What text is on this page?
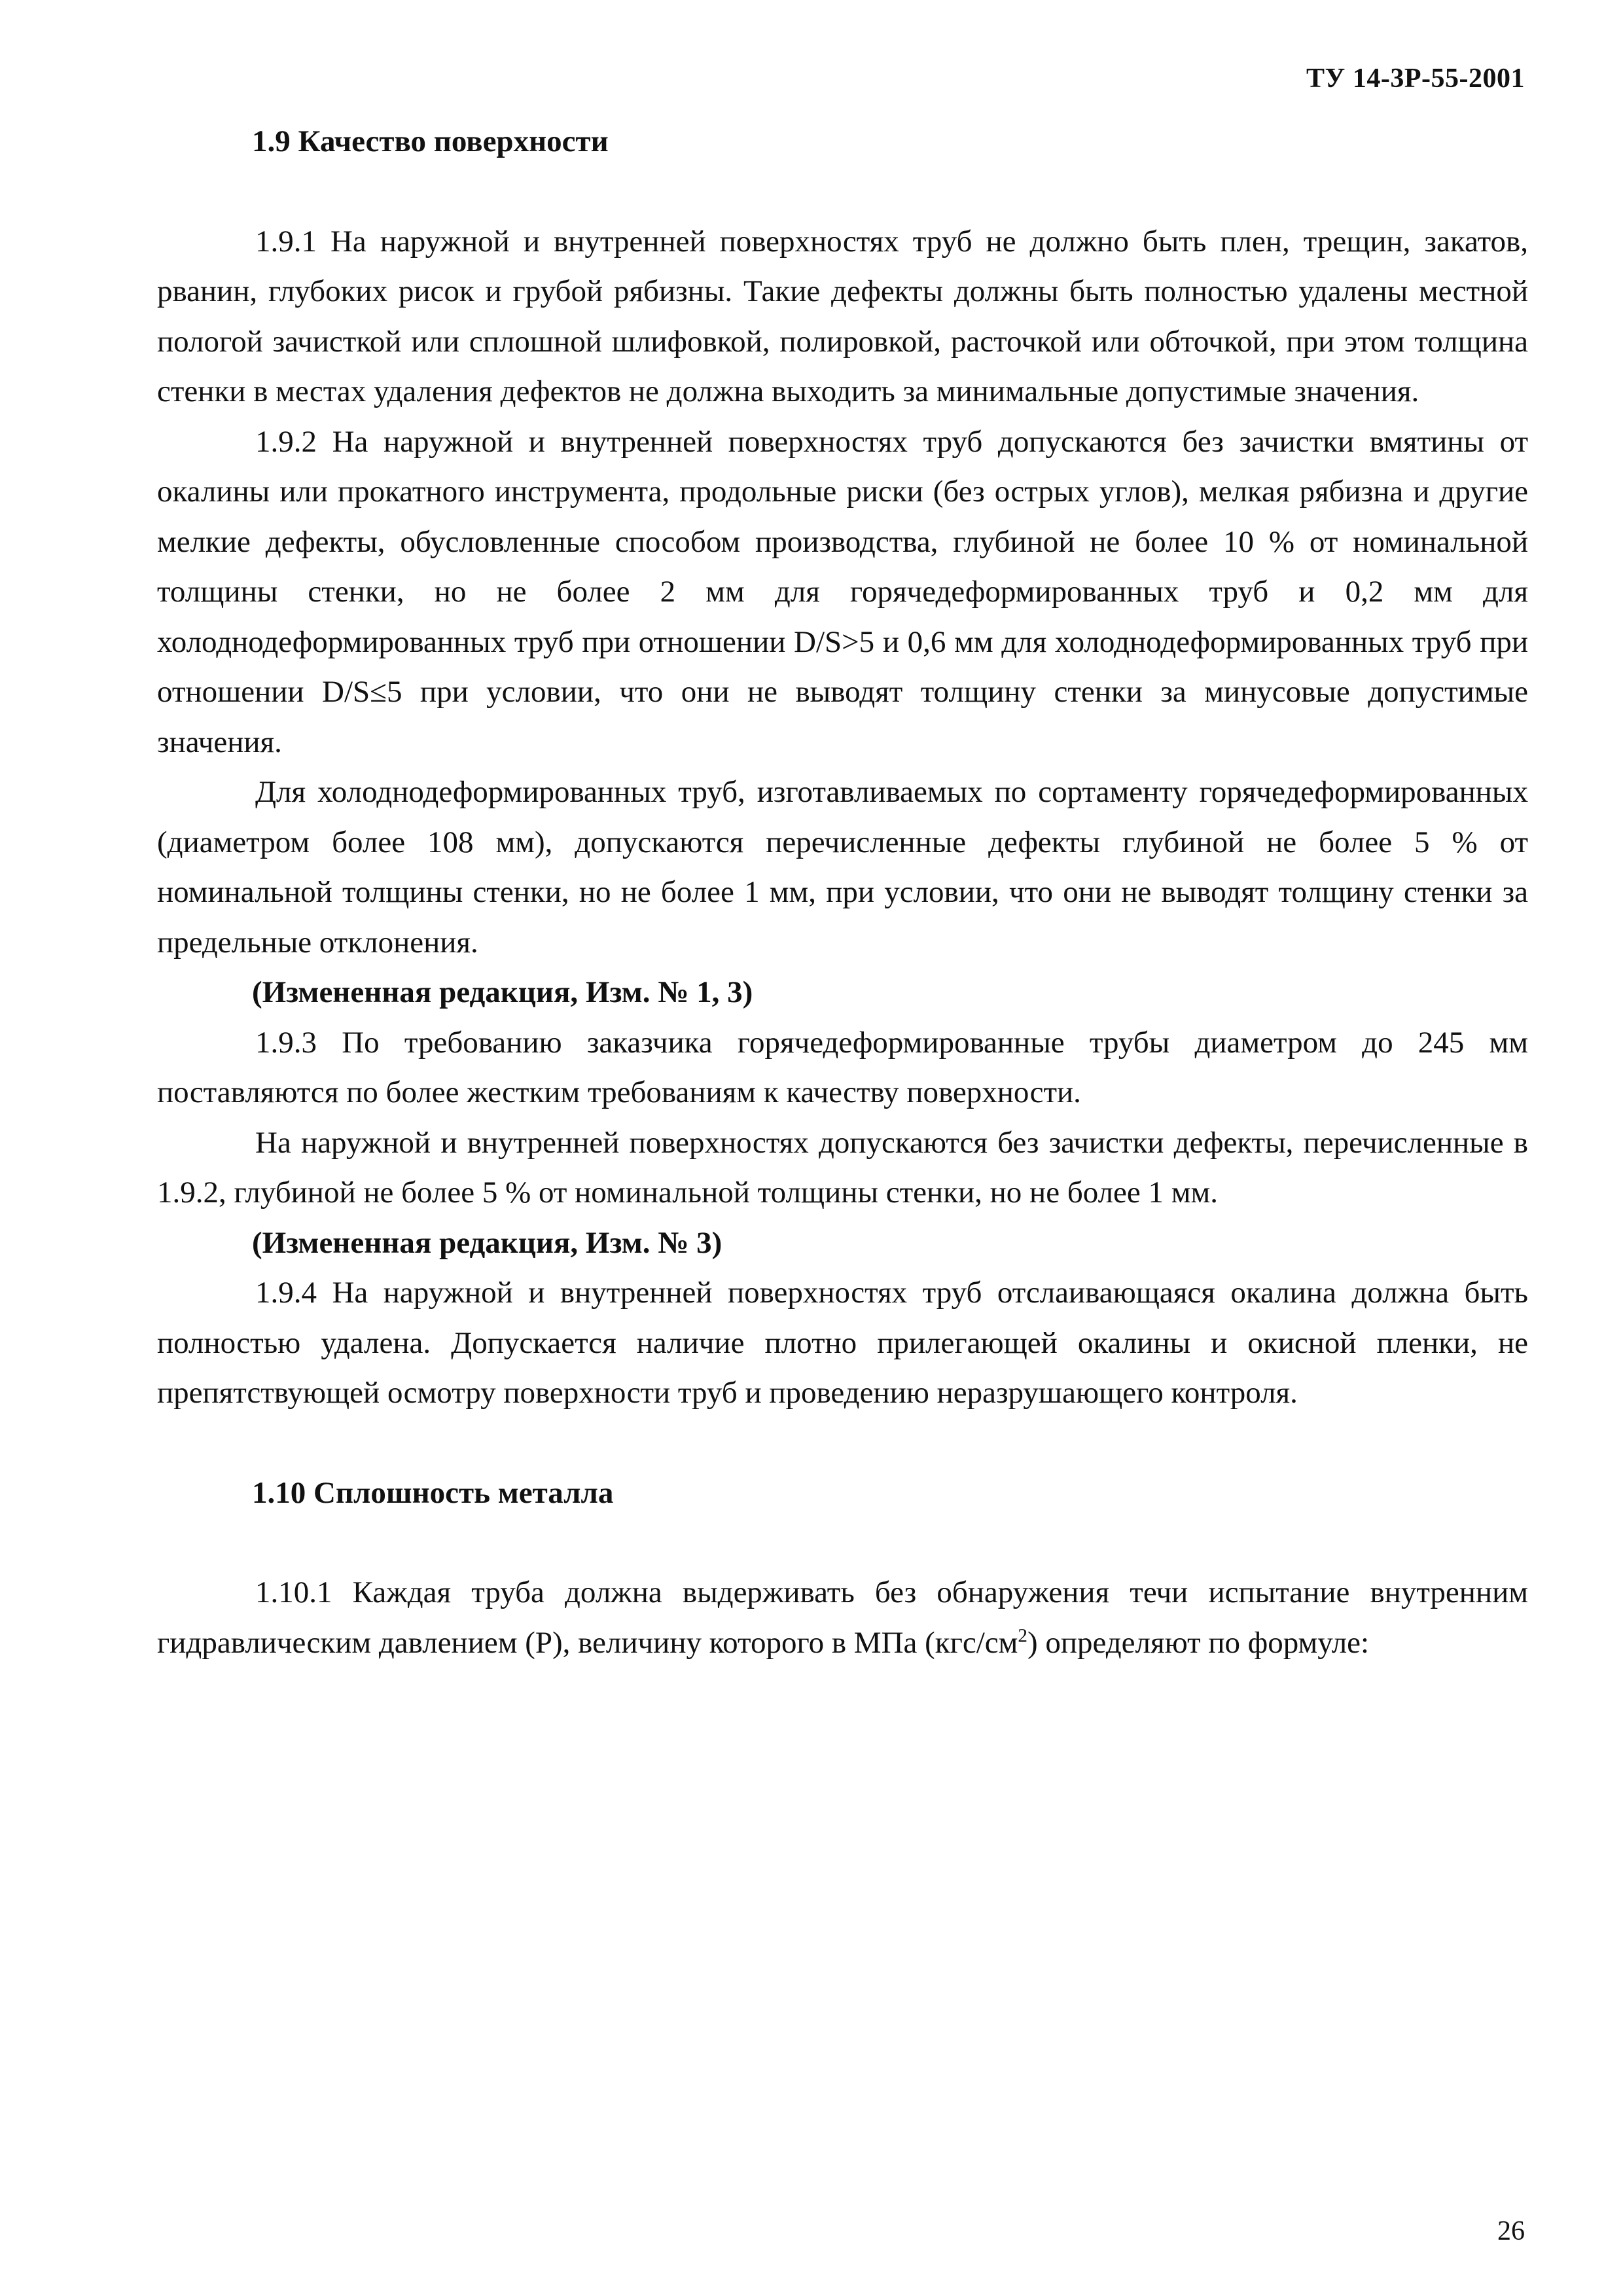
ТУ 14-3Р-55-2001

1.9 Качество поверхности

1.9.1 На наружной и внутренней поверхностях труб не должно быть плен, трещин, закатов, рванин, глубоких рисок и грубой рябизны. Такие дефекты должны быть полностью удалены местной пологой зачисткой или сплошной шлифовкой, полировкой, расточкой или обточкой, при этом толщина стенки в местах удаления дефектов не должна выходить за минимальные допустимые значения.

1.9.2 На наружной и внутренней поверхностях труб допускаются без зачистки вмятины от окалины или прокатного инструмента, продольные риски (без острых углов), мелкая рябизна и другие мелкие дефекты, обусловленные способом производства, глубиной не более 10 % от номинальной толщины стенки, но не более 2 мм для горячедеформированных труб и 0,2 мм для холоднодеформированных труб при отношении D/S>5 и 0,6 мм для холоднодеформированных труб при отношении D/S≤5 при условии, что они не выводят толщину стенки за минусовые допустимые значения.

Для холоднодеформированных труб, изготавливаемых по сортаменту горячедеформированных (диаметром более 108 мм), допускаются перечисленные дефекты глубиной не более 5 % от номинальной толщины стенки, но не более 1 мм, при условии, что они не выводят толщину стенки за предельные отклонения.

(Измененная редакция, Изм. № 1, 3)

1.9.3 По требованию заказчика горячедеформированные трубы диаметром до 245 мм поставляются по более жестким требованиям к качеству поверхности.

На наружной и внутренней поверхностях допускаются без зачистки дефекты, перечисленные в 1.9.2, глубиной не более 5 % от номинальной толщины стенки, но не более 1 мм.

(Измененная редакция, Изм. № 3)

1.9.4 На наружной и внутренней поверхностях труб отслаивающаяся окалина должна быть полностью удалена. Допускается наличие плотно прилегающей окалины и окисной пленки, не препятствующей осмотру поверхности труб и проведению неразрушающего контроля.

1.10 Сплошность металла

1.10.1 Каждая труба должна выдерживать без обнаружения течи испытание внутренним гидравлическим давлением (Р), величину которого в МПа $(кгс/см^2)$ определяют по формуле:

26
